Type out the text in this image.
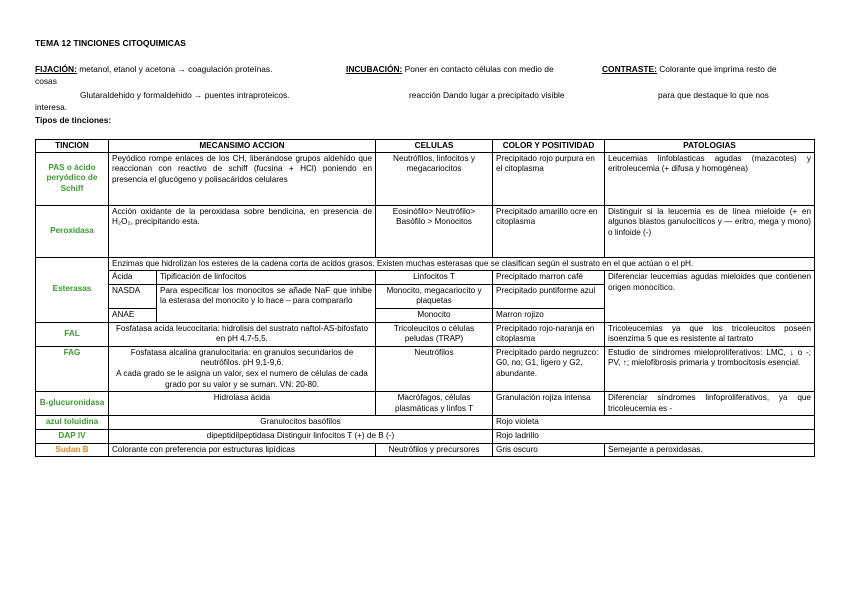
TEMA 12 TINCIONES CITOQUIMICAS
FIJACIÓN: metanol, etanol y acetona → coagulación proteínas.	INCUBACIÓN: Poner en contacto células con medio de	CONTRASTE: Colorante que imprima resto de
cosas
Glutaraldehido y formaldehido → puentes intraproteicos.	reacción Dando lugar a precipitado visible	para que destaque lo que nos
interesa.
Tipos de tinciones:
TINCION	MECANSIMO ACCION		CELULAS	COLOR Y POSITIVIDAD	PATOLOGIAS
PAS o ácido peryódico de Schiff	Peyódico rompe enlaces de los CH, liberándose grupos aldehído que reaccionan con reactivo de schiff (fucsina + HCl) poniendo en presencia el glucógeno y polisacáridos celulares		Neutrófilos, linfocitos y megacariocitos	Precipitado rojo purpura en el citoplasma	Leucemias linfoblasticas agudas (mazacotes) y eritroleucemia (+ difusa y homogénea)
Peroxidasa	Acción oxidante de la peroxidasa sobre bendicina, en presencia de H₂O₂, precipitando esta.		Eosinófilo> Neutrófilo> Basófilo > Monocitos	Precipitado amarillo ocre en citoplasma	Distinguir si la leucemia es de línea mieloide (+ en algunos blastos ganulocíticos y — eritro, mega y mono) o linfoide (-)
Esterasas	Enzimas que hidrolizan los esteres de la cadena corta de acidos grasos. Existen muchas esterasas que se clasifican según el sustrato en el que actúan o el pH.				
	Ácida	Tipificación de linfocitos	Linfocitos T	Precipitado marron café	Diferenciar leucemias agudas mieloides que contienen origen monocítico.
	NASDA	Para especificar los monocitos se añade NaF que inhibe la esterasa del monocito y lo hace – para compararlo	Monocito, megacariocito y plaquetas	Precipitado puntiforme azul	
	ANAE		Monocito	Marron rojizo	
FAL	Fosfatasa acida leucocitaria: hidrolisis del sustrato naftol-AS-bifosfato en pH 4,7-5,5.		Tricoleucitos o células peludas (TRAP)	Precipitado rojo-naranja en citoplasma	Tricoleucemias ya que los tricoleucitos poseen isoenzima 5 que es resistente al tartrato
FAG	Fosfatasa alcalina granulocitaria: en granulos secundarios de neutrófilos. pH 9,1-9,6.
A cada grado se le asigna un valor, sex el numero de células de cada grado por su valor y se suman. VN: 20-80.		Neutrófilos	Precipitado pardo negruzco: G0, no; G1, ligero y G2, abundante.	Estudio de síndromes mieloproliferativos: LMC, ↓ o -; PV, ↑; mielofibrosis primaria y trombocitosis esencial.
B-glucuronidasa	Hidrolasa ácida		Macrófagos, células plasmáticas y linfos T	Granulación rojiza intensa	Diferenciar síndromes linfoproliferativos, ya que tricoleucemia es -
azul toluidina	Granulocitos basófilos			Rojo violeta	
DAP IV	dipeptidilpeptidasa Distinguir linfocitos T (+) de B (-)			Rojo ladrillo	
Sudan B	Colorante con preferencia por estructuras lipídicas		Neutrófilos y precursores	Gris oscuro	Semejante a peroxidasas.
